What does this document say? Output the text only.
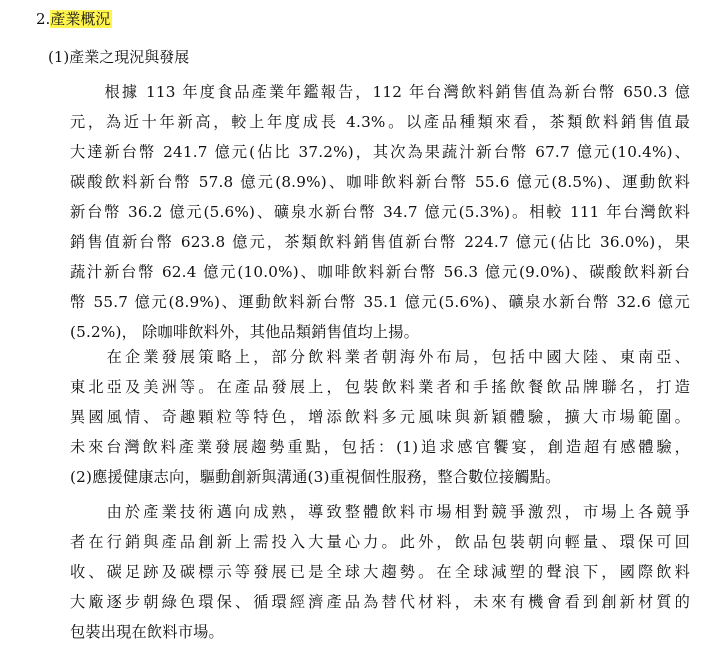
2.產業概況
(1)產業之現況與發展
　　根據 113 年度食品產業年鑑報告，112 年台灣飲料銷售值為新台幣 650.3 億
元，為近十年新高，較上年度成長 4.3%。以產品種類來看，茶類飲料銷售值最
大達新台幣 241.7 億元(佔比 37.2%)，其次為果蔬汁新台幣 67.7 億元(10.4%)、
碳酸飲料新台幣 57.8 億元(8.9%)、咖啡飲料新台幣 55.6 億元(8.5%)、運動飲料
新台幣 36.2 億元(5.6%)、礦泉水新台幣 34.7 億元(5.3%)。相較 111 年台灣飲料
銷售值新台幣 623.8 億元，茶類飲料銷售值新台幣 224.7 億元(佔比 36.0%)，果
蔬汁新台幣 62.4 億元(10.0%)、咖啡飲料新台幣 56.3 億元(9.0%)、碳酸飲料新台
幣 55.7 億元(8.9%)、運動飲料新台幣 35.1 億元(5.6%)、礦泉水新台幣 32.6 億元
(5.2%)， 除咖啡飲料外，其他品類銷售值均上揚。
　　在企業發展策略上，部分飲料業者朝海外布局，包括中國大陸、東南亞、
東北亞及美洲等。在產品發展上，包裝飲料業者和手搖飲餐飲品牌聯名，打造
異國風情、奇趣顆粒等特色，增添飲料多元風味與新穎體驗，擴大市場範圍。
未來台灣飲料產業發展趨勢重點，包括：(1)追求感官饗宴，創造超有感體驗，
(2)應援健康志向，驅動創新與溝通(3)重視個性服務，整合數位接觸點。
　　由於產業技術邁向成熟，導致整體飲料市場相對競爭激烈，市場上各競爭
者在行銷與產品創新上需投入大量心力。此外，飲品包裝朝向輕量、環保可回
收、碳足跡及碳標示等發展已是全球大趨勢。在全球減塑的聲浪下，國際飲料
大廠逐步朝綠色環保、循環經濟產品為替代材料，未來有機會看到創新材質的
包裝出現在飲料市場。
